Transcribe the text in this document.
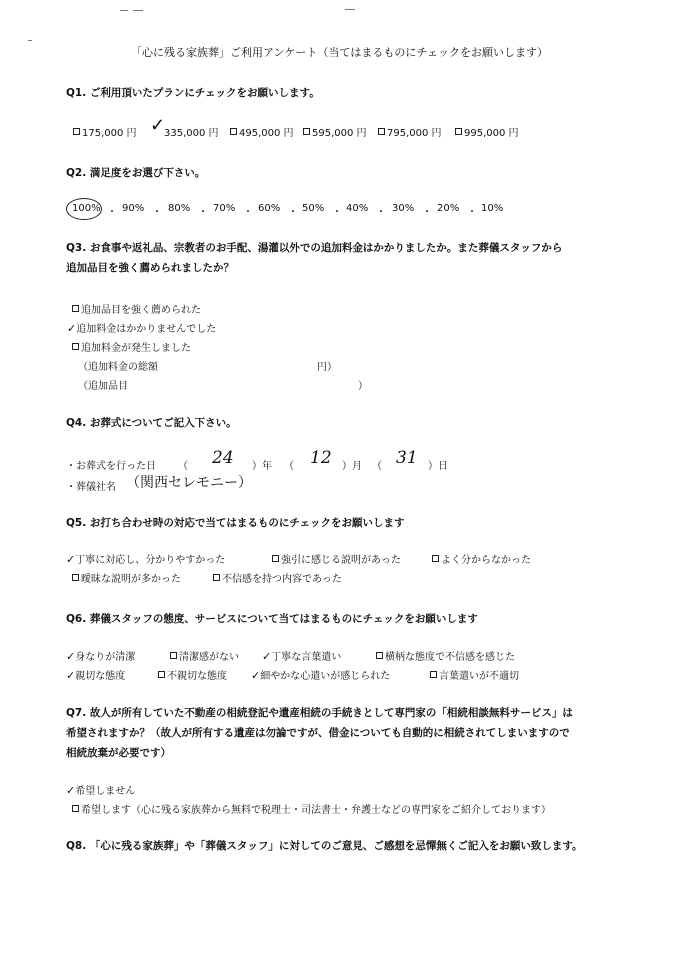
「心に残る家族葬」ご利用アンケート（当てはまるものにチェックをお願いします）
Q1. ご利用頂いたプランにチェックをお願いします。
175,000 円 ✓
335,000 円	495,000 円	595,000 円	795,000 円	995,000 円
Q2. 満足度をお選び下さい。
100% ・ 90% ・ 80% ・ 70% ・ 60% ・ 50% ・ 40% ・ 30% ・ 20% ・ 10%
Q3. お食事や返礼品、宗教者のお手配、湯灌以外での追加料金はかかりましたか。また葬儀スタッフから
追加品目を強く薦められましたか？
追加品目を強く薦められた
✓追加料金はかかりませんでした
追加料金が発生しました
（追加料金の総額	円）
（追加品目	）
Q4. お葬式についてご記入下さい。
・お葬式を行った日 （ 24 ）年 （ 12 ）月 （ 31 ）日
・葬儀社名 （関西セレモニー）
Q5. お打ち合わせ時の対応で当てはまるものにチェックをお願いします
✓丁寧に対応し、分かりやすかった	強引に感じる説明があった	よく分からなかった
曖昧な説明が多かった	不信感を持つ内容であった
Q6. 葬儀スタッフの態度、サービスについて当てはまるものにチェックをお願いします
✓身なりが清潔	清潔感がない ✓丁寧な言葉遣い	横柄な態度で不信感を感じた
✓親切な態度	不親切な態度 ✓細やかな心遣いが感じられた	言葉遣いが不適切
Q7. 故人が所有していた不動産の相続登記や遺産相続の手続きとして専門家の「相続相談無料サービス」は
希望されますか？（故人が所有する遺産は勿論ですが、借金についても自動的に相続されてしまいますので
相続放棄が必要です）
✓希望しません
希望します（心に残る家族葬から無料で税理士・司法書士・弁護士などの専門家をご紹介しております）
Q8. 「心に残る家族葬」や「葬儀スタッフ」に対してのご意見、ご感想を忌憚無くご記入をお願い致します。
